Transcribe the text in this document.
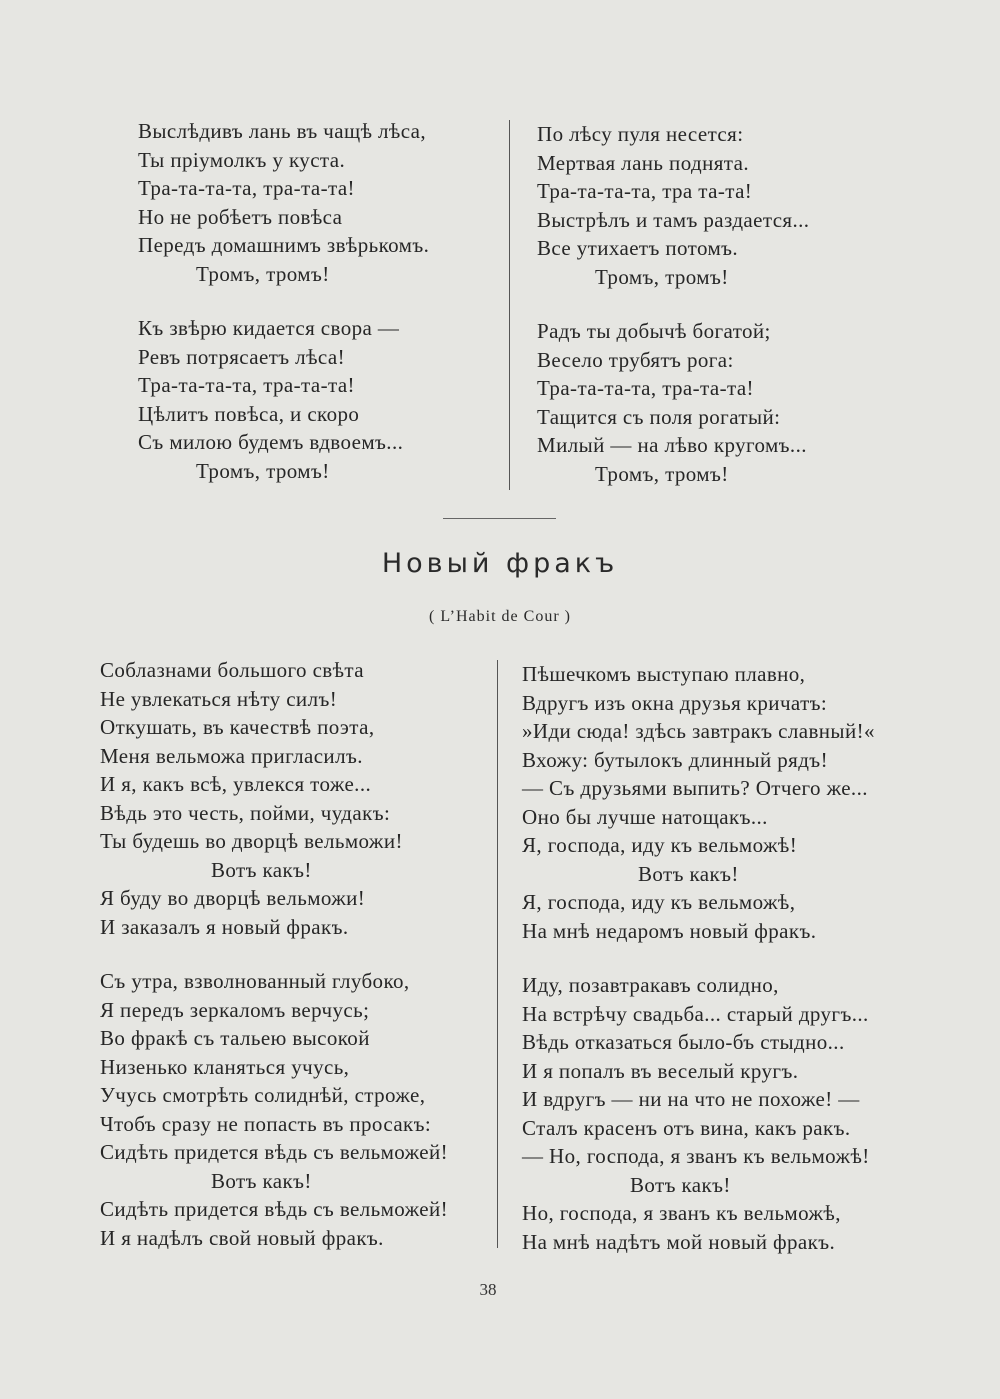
Выслѣдивъ лань въ чащѣ лѣса,
Ты пріумолкъ у куста.
Тра-та-та-та, тра-та-та!
Но не робѣетъ повѣса
Передъ домашнимъ звѣрькомъ.
Тромъ, тромъ!
Къ звѣрю кидается свора —
Ревъ потрясаетъ лѣса!
Тра-та-та-та, тра-та-та!
Цѣлитъ повѣса, и скоро
Съ милою будемъ вдвоемъ...
Тромъ, тромъ!
По лѣсу пуля несется:
Мертвая лань поднята.
Тра-та-та-та, тра та-та!
Выстрѣлъ и тамъ раздается...
Все утихаетъ потомъ.
Тромъ, тромъ!
Радъ ты добычѣ богатой;
Весело трубятъ рога:
Тра-та-та-та, тра-та-та!
Тащится съ поля рогатый:
Милый — на лѣво кругомъ...
Тромъ, тромъ!
Новый фракъ
( L’Habit de Cour )
Соблазнами большого свѣта
Не увлекаться нѣту силъ!
Откушать, въ качествѣ поэта,
Меня вельможа пригласилъ.
И я, какъ всѣ, увлекся тоже...
Вѣдь это честь, пойми, чудакъ:
Ты будешь во дворцѣ вельможи!
Вотъ какъ!
Я буду во дворцѣ вельможи!
И заказалъ я новый фракъ.
Съ утра, взволнованный глубоко,
Я передъ зеркаломъ верчусь;
Во фракѣ съ тальею высокой
Низенько кланяться учусь,
Учусь смотрѣть солиднѣй, строже,
Чтобъ сразу не попасть въ просакъ:
Сидѣть придется вѣдь съ вельможей!
Вотъ какъ!
Сидѣть придется вѣдь съ вельможей!
И я надѣлъ свой новый фракъ.
Пѣшечкомъ выступаю плавно,
Вдругъ изъ окна друзья кричатъ:
»Иди сюда! здѣсь завтракъ славный!«
Вхожу: бутылокъ длинный рядъ!
— Съ друзьями выпить? Отчего же...
Оно бы лучше натощакъ...
Я, господа, иду къ вельможѣ!
Вотъ какъ!
Я, господа, иду къ вельможѣ,
На мнѣ недаромъ новый фракъ.
Иду, позавтракавъ солидно,
На встрѣчу свадьба... старый другъ...
Вѣдь отказаться было-бъ стыдно...
И я попалъ въ веселый кругъ.
И вдругъ — ни на что не похоже! —
Сталъ красенъ отъ вина, какъ ракъ.
— Но, господа, я званъ къ вельможѣ!
Вотъ какъ!
Но, господа, я званъ къ вельможѣ,
На мнѣ надѣтъ мой новый фракъ.
38
